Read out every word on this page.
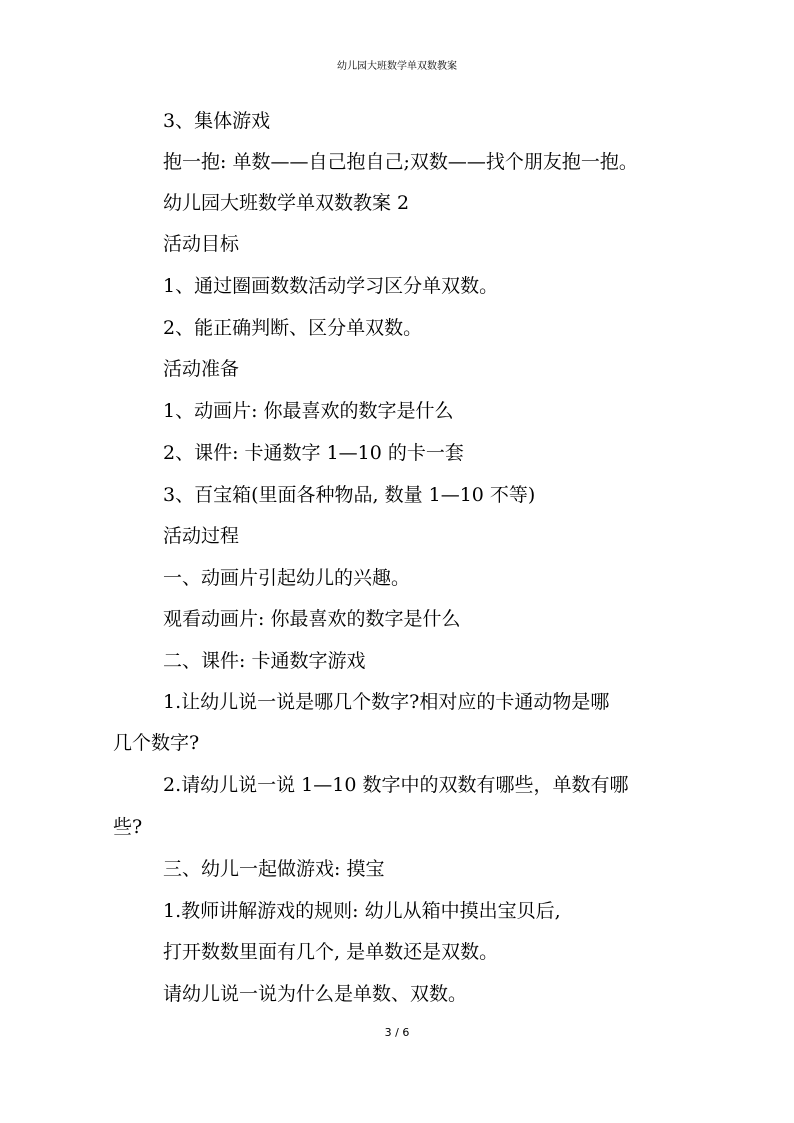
幼儿园大班数学单双数教案
3、集体游戏
抱一抱: 单数——自己抱自己;双数——找个朋友抱一抱。
幼儿园大班数学单双数教案 2
活动目标
1、通过圈画数数活动学习区分单双数。
2、能正确判断、区分单双数。
活动准备
1、动画片: 你最喜欢的数字是什么
2、课件: 卡通数字 1—10 的卡一套
3、百宝箱(里面各种物品, 数量 1—10 不等)
活动过程
一、动画片引起幼儿的兴趣。
观看动画片: 你最喜欢的数字是什么
二、课件: 卡通数字游戏
1.让幼儿说一说是哪几个数字?相对应的卡通动物是哪
几个数字?
2.请幼儿说一说 1—10 数字中的双数有哪些，单数有哪
些?
三、幼儿一起做游戏: 摸宝
1.教师讲解游戏的规则: 幼儿从箱中摸出宝贝后,
打开数数里面有几个, 是单数还是双数。
请幼儿说一说为什么是单数、双数。
3 / 6
